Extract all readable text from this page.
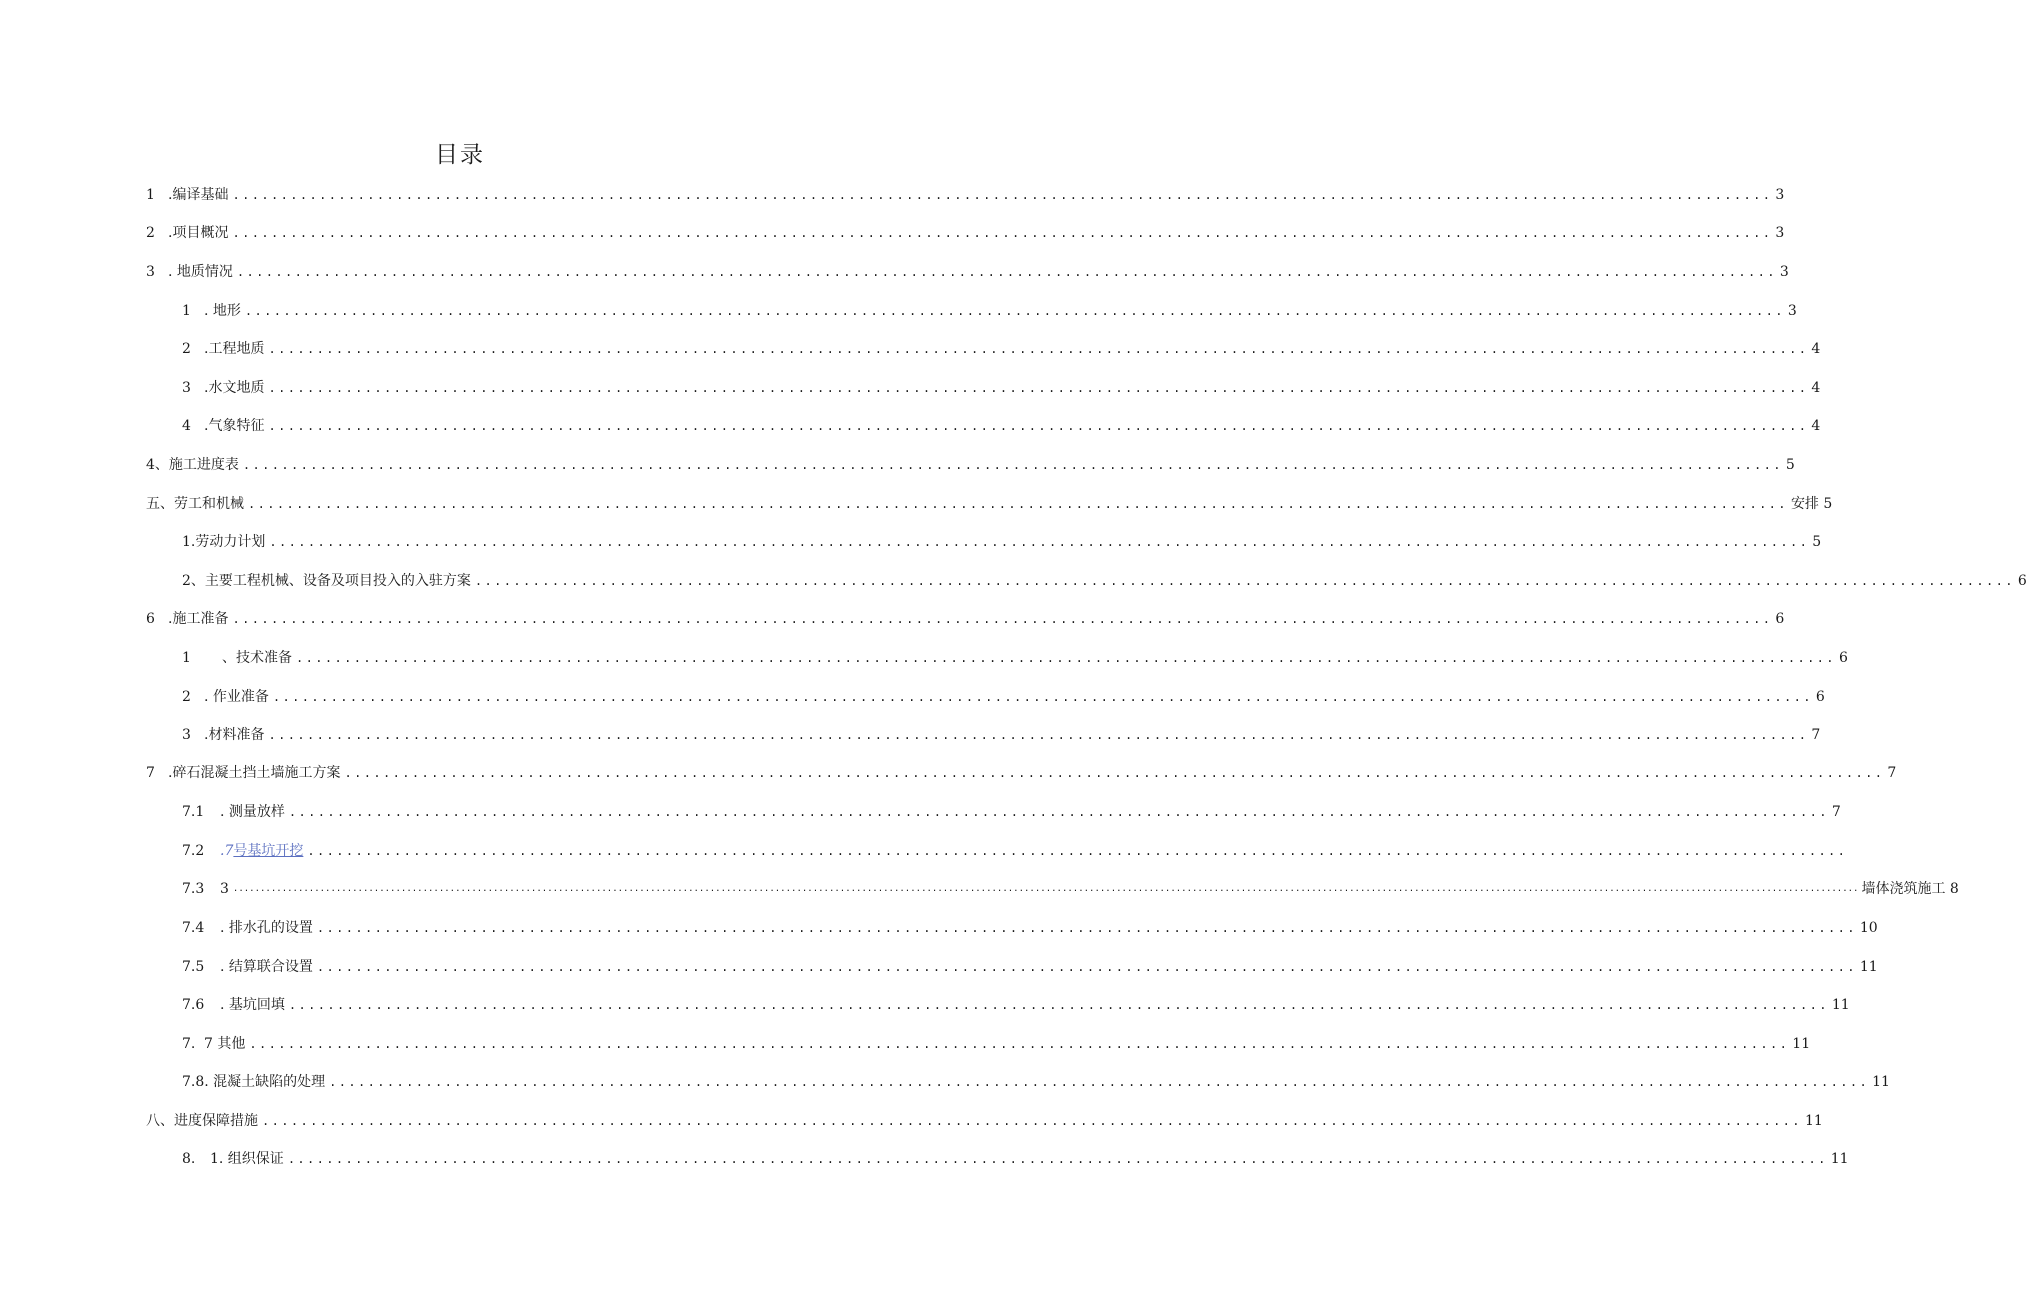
目录
1 .编译基础 ................................................................................................................................................................ 3
2 .项目概况 ................................................................................................................................................................ 3
3 . 地质情况 ................................................................................................................................................................ 3
1 . 地形 ................................................................................................................................................................ 3
2 .工程地质 ................................................................................................................................................................ 4
3 .水文地质 ................................................................................................................................................................ 4
4 .气象特征 ................................................................................................................................................................ 4
4、施工进度表 ................................................................................................................................................................ 5
五、劳工和机械 ................................................................................................................................................................ 安排 5
1.劳动力计划 ................................................................................................................................................................ 5
2、主要工程机械、设备及项目投入的入驻方案 ................................................................................................................................................................ 6
6 .施工准备 ................................................................................................................................................................ 6
1 、技术准备 ................................................................................................................................................................ 6
2 . 作业准备 ................................................................................................................................................................ 6
3 .材料准备 ................................................................................................................................................................ 7
7 .碎石混凝土挡土墙施工方案 ................................................................................................................................................................ 7
7.1 . 测量放样 ................................................................................................................................................................ 7
7.2 .7号基坑开挖 ................................................................................................................................................................
7.3 3 ............................................................................................................................................................................................................................................................................................................ 墙体浇筑施工 8
7.4 . 排水孔的设置 ................................................................................................................................................................ 10
7.5 . 结算联合设置 ................................................................................................................................................................ 11
7.6 . 基坑回填 ................................................................................................................................................................ 11
7. 7 其他 ................................................................................................................................................................ 11
7.8. 混凝土缺陷的处理 ................................................................................................................................................................ 11
八、进度保障措施 ................................................................................................................................................................ 11
8. 1. 组织保证 ................................................................................................................................................................ 11
